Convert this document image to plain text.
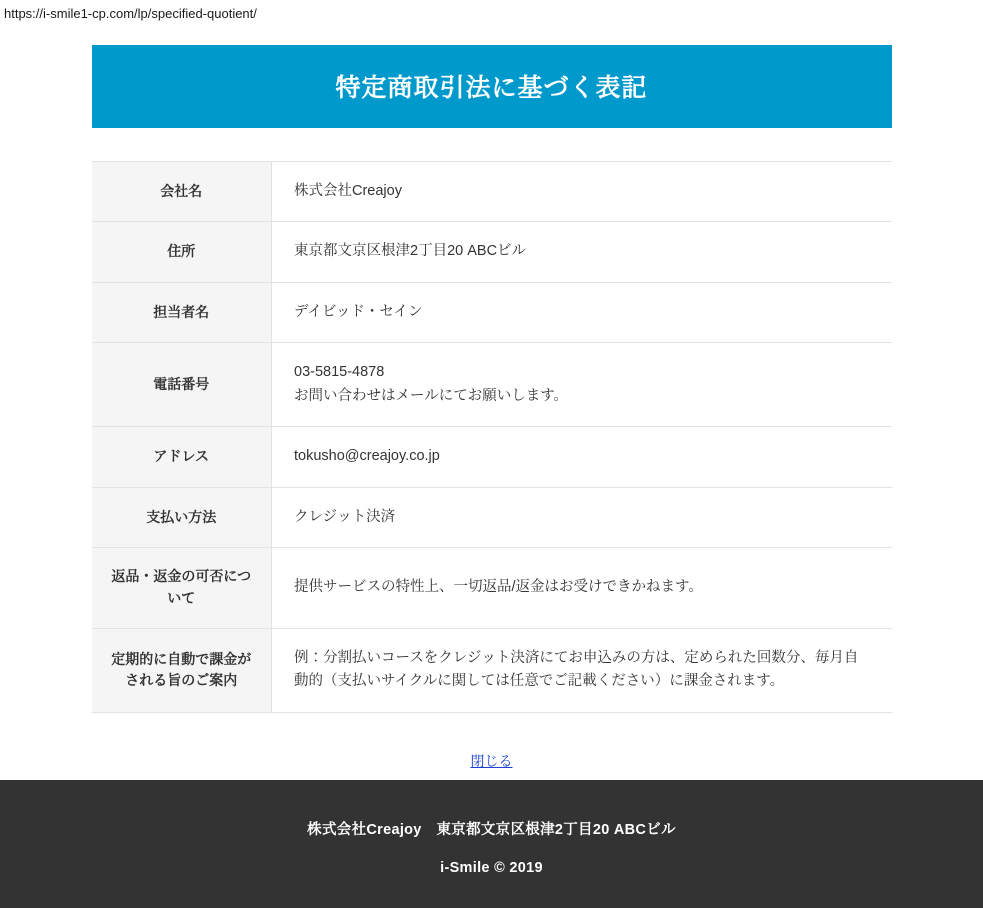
https://i-smile1-cp.com/lp/specified-quotient/
特定商取引法に基づく表記
会社名	株式会社Creajoy
住所	東京都文京区根津2丁目20 ABCビル
担当者名	デイビッド・セイン
電話番号	03-5815-4878
お問い合わせはメールにてお願いします。
アドレス	tokusho@creajoy.co.jp
支払い方法	クレジット決済
返品・返金の可否について	提供サービスの特性上、一切返品/返金はお受けできかねます。
定期的に自動で課金がされる旨のご案内	例：分割払いコースをクレジット決済にてお申込みの方は、定められた回数分、毎月自動的（支払いサイクルに関しては任意でご記載ください）に課金されます。
閉じる
株式会社Creajoy　東京都文京区根津2丁目20 ABCビル
i-Smile © 2019
